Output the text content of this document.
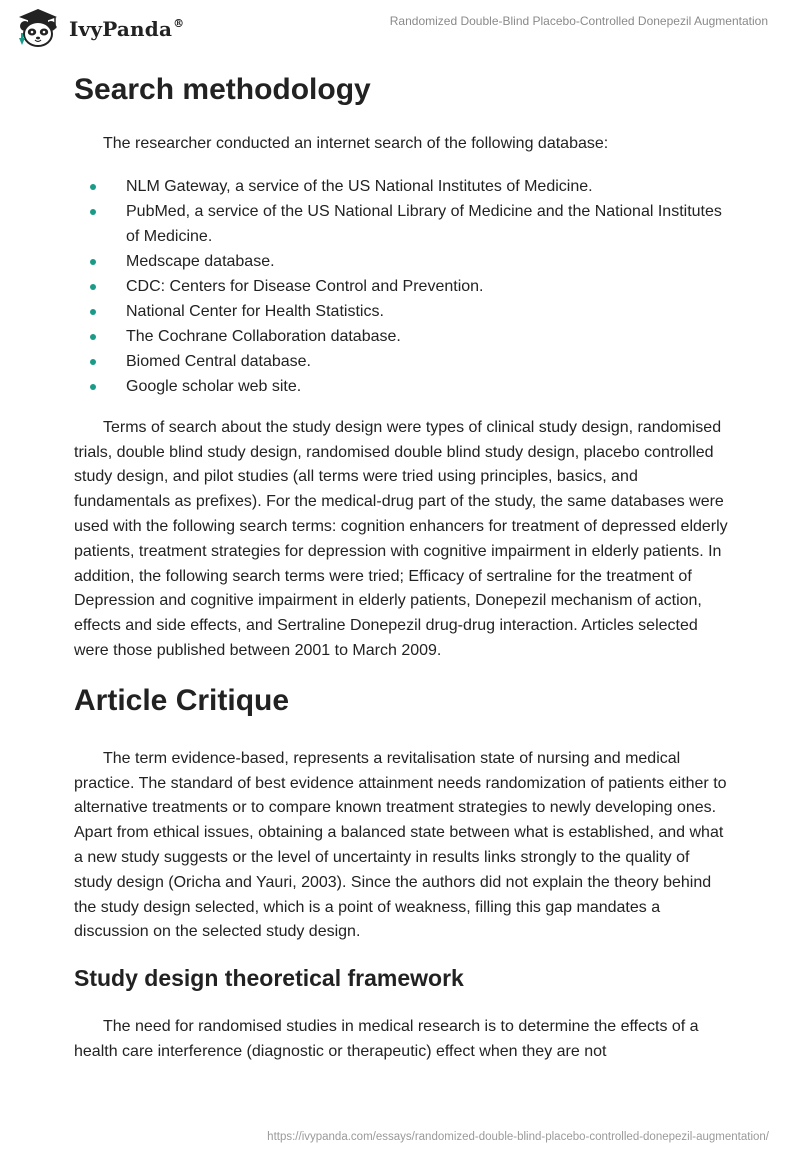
IvyPanda®	Randomized Double-Blind Placebo-Controlled Donepezil Augmentation
Search methodology

The researcher conducted an internet search of the following database:

NLM Gateway, a service of the US National Institutes of Medicine.
PubMed, a service of the US National Library of Medicine and the National Institutes of Medicine.
Medscape database.
CDC: Centers for Disease Control and Prevention.
National Center for Health Statistics.
The Cochrane Collaboration database.
Biomed Central database.
Google scholar web site.

Terms of search about the study design were types of clinical study design, randomised trials, double blind study design, randomised double blind study design, placebo controlled study design, and pilot studies (all terms were tried using principles, basics, and fundamentals as prefixes). For the medical-drug part of the study, the same databases were used with the following search terms: cognition enhancers for treatment of depressed elderly patients, treatment strategies for depression with cognitive impairment in elderly patients. In addition, the following search terms were tried; Efficacy of sertraline for the treatment of Depression and cognitive impairment in elderly patients, Donepezil mechanism of action, effects and side effects, and Sertraline Donepezil drug-drug interaction. Articles selected were those published between 2001 to March 2009.

Article Critique

The term evidence-based, represents a revitalisation state of nursing and medical practice. The standard of best evidence attainment needs randomization of patients either to alternative treatments or to compare known treatment strategies to newly developing ones. Apart from ethical issues, obtaining a balanced state between what is established, and what a new study suggests or the level of uncertainty in results links strongly to the quality of study design (Oricha and Yauri, 2003). Since the authors did not explain the theory behind the study design selected, which is a point of weakness, filling this gap mandates a discussion on the selected study design.

Study design theoretical framework

The need for randomised studies in medical research is to determine the effects of a health care interference (diagnostic or therapeutic) effect when they are not

https://ivypanda.com/essays/randomized-double-blind-placebo-controlled-donepezil-augmentation/
